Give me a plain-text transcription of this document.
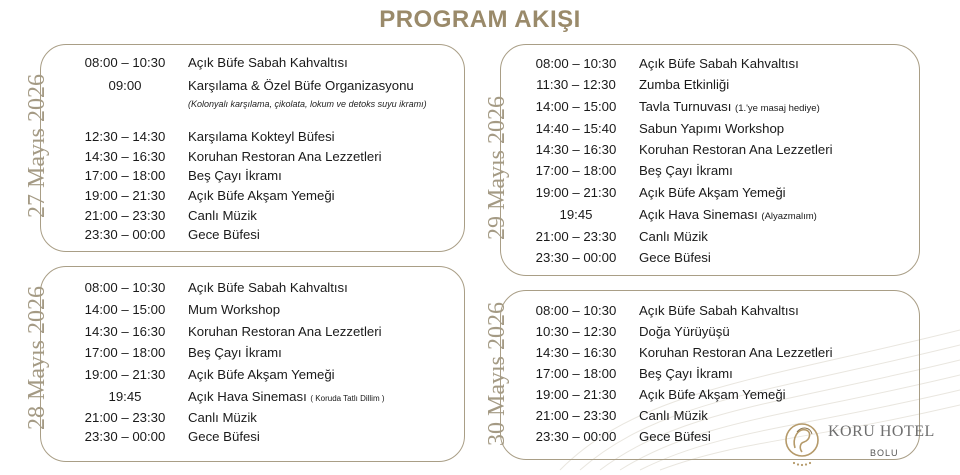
PROGRAM AKIŞI
27 Mayıs 2026
08:00 – 10:30	Açık Büfe Sabah Kahvaltısı
09:00	Karşılama & Özel Büfe Organizasyonu
(Kolonyalı karşılama, çikolata, lokum ve detoks suyu ikramı)
12:30 – 14:30	Karşılama Kokteyl Büfesi
14:30 – 16:30	Koruhan Restoran Ana Lezzetleri
17:00 – 18:00	Beş Çayı İkramı
19:00 – 21:30	Açık Büfe Akşam Yemeği
21:00 – 23:30	Canlı Müzik
23:30 – 00:00	Gece Büfesi
28 Mayıs 2026	08:00 – 10:30	Açık Büfe Sabah Kahvaltısı
14:00 – 15:00	Mum Workshop
14:30 – 16:30	Koruhan Restoran Ana Lezzetleri
17:00 – 18:00	Beş Çayı İkramı
19:00 – 21:30	Açık Büfe Akşam Yemeği
19:45	Açık Hava Sineması ( Koruda Tatlı Dillim )
21:00 – 23:30	Canlı Müzik
23:30 – 00:00	Gece Büfesi
29 Mayıs 2026
08:00 – 10:30	Açık Büfe Sabah Kahvaltısı
11:30 – 12:30	Zumba Etkinliği
14:00 – 15:00	Tavla Turnuvası (1.'ye masaj hediye)
14:40 – 15:40	Sabun Yapımı Workshop
14:30 – 16:30	Koruhan Restoran Ana Lezzetleri
17:00 – 18:00	Beş Çayı İkramı
19:00 – 21:30	Açık Büfe Akşam Yemeği
19:45	Açık Hava Sineması (Alyazmalım)
21:00 – 23:30	Canlı Müzik
23:30 – 00:00	Gece Büfesi
30 Mayıs 2026	08:00 – 10:30	Açık Büfe Sabah Kahvaltısı
10:30 – 12:30	Doğa Yürüyüşü
14:30 – 16:30	Koruhan Restoran Ana Lezzetleri
17:00 – 18:00	Beş Çayı İkramı
19:00 – 21:30	Açık Büfe Akşam Yemeği
21:00 – 23:30	Canlı Müzik
23:30 – 00:00	Gece Büfesi	KORU HOTEL
BOLU
